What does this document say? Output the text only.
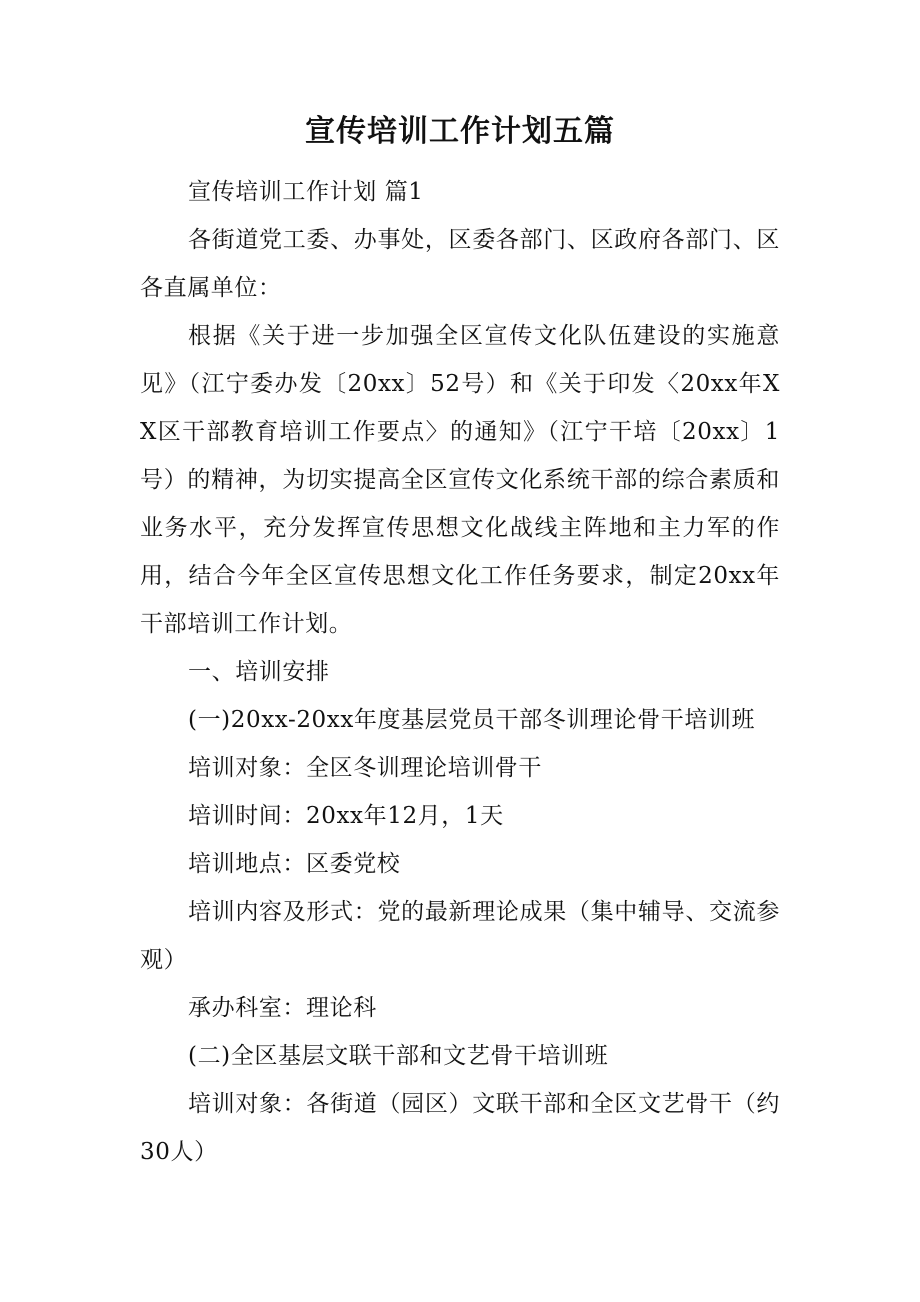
宣传培训工作计划五篇

宣传培训工作计划 篇1

各街道党工委、办事处，区委各部门、区政府各部门、区各直属单位：

根据《关于进一步加强全区宣传文化队伍建设的实施意见》（江宁委办发〔20xx〕52号）和《关于印发〈20xx年XX区干部教育培训工作要点〉的通知》（江宁干培〔20xx〕1号）的精神，为切实提高全区宣传文化系统干部的综合素质和业务水平，充分发挥宣传思想文化战线主阵地和主力军的作用，结合今年全区宣传思想文化工作任务要求，制定20xx年干部培训工作计划。

一、培训安排

(一)20xx-20xx年度基层党员干部冬训理论骨干培训班

培训对象：全区冬训理论培训骨干

培训时间：20xx年12月，1天

培训地点：区委党校

培训内容及形式：党的最新理论成果（集中辅导、交流参观）

承办科室：理论科

(二)全区基层文联干部和文艺骨干培训班

培训对象：各街道（园区）文联干部和全区文艺骨干（约30人）
